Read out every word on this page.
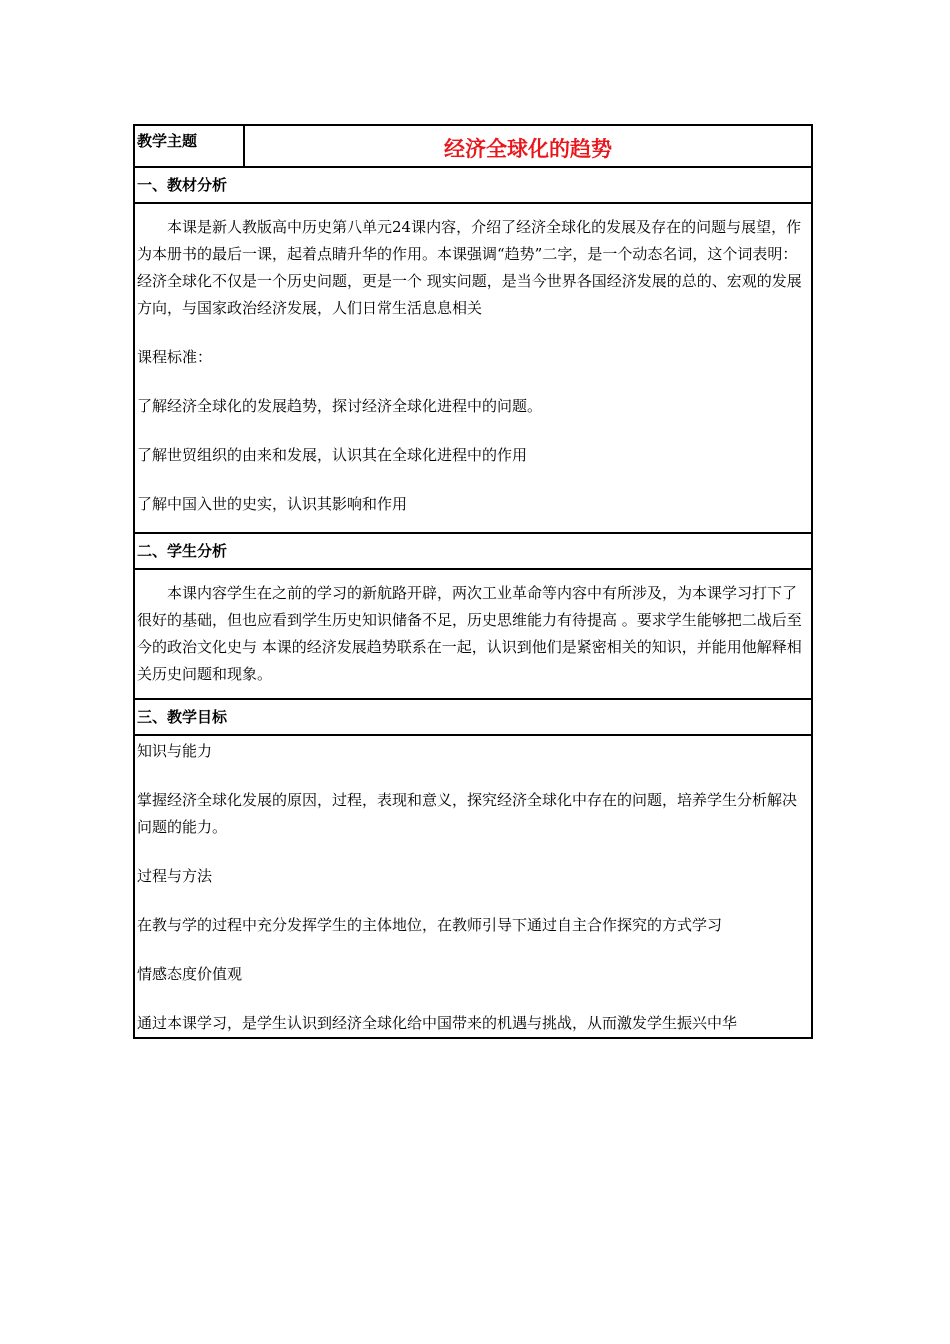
教学主题	经济全球化的趋势
一、教材分析

本课是新人教版高中历史第八单元24课内容，介绍了经济全球化的发展及存在的问题与展望，作为本册书的最后一课，起着点睛升华的作用。本课强调“趋势”二字，是一个动态名词，这个词表明：经济全球化不仅是一个历史问题，更是一个 现实问题，是当今世界各国经济发展的总的、宏观的发展方向，与国家政治经济发展，人们日常生活息息相关

课程标准：

了解经济全球化的发展趋势，探讨经济全球化进程中的问题。

了解世贸组织的由来和发展，认识其在全球化进程中的作用

了解中国入世的史实，认识其影响和作用

二、学生分析

本课内容学生在之前的学习的新航路开辟，两次工业革命等内容中有所涉及，为本课学习打下了很好的基础，但也应看到学生历史知识储备不足，历史思维能力有待提高 。要求学生能够把二战后至今的政治文化史与 本课的经济发展趋势联系在一起，认识到他们是紧密相关的知识，并能用他解释相关历史问题和现象。

三、教学目标

知识与能力

掌握经济全球化发展的原因，过程，表现和意义，探究经济全球化中存在的问题，培养学生分析解决问题的能力。

过程与方法

在教与学的过程中充分发挥学生的主体地位，在教师引导下通过自主合作探究的方式学习

情感态度价值观

通过本课学习，是学生认识到经济全球化给中国带来的机遇与挑战，从而激发学生振兴中华
